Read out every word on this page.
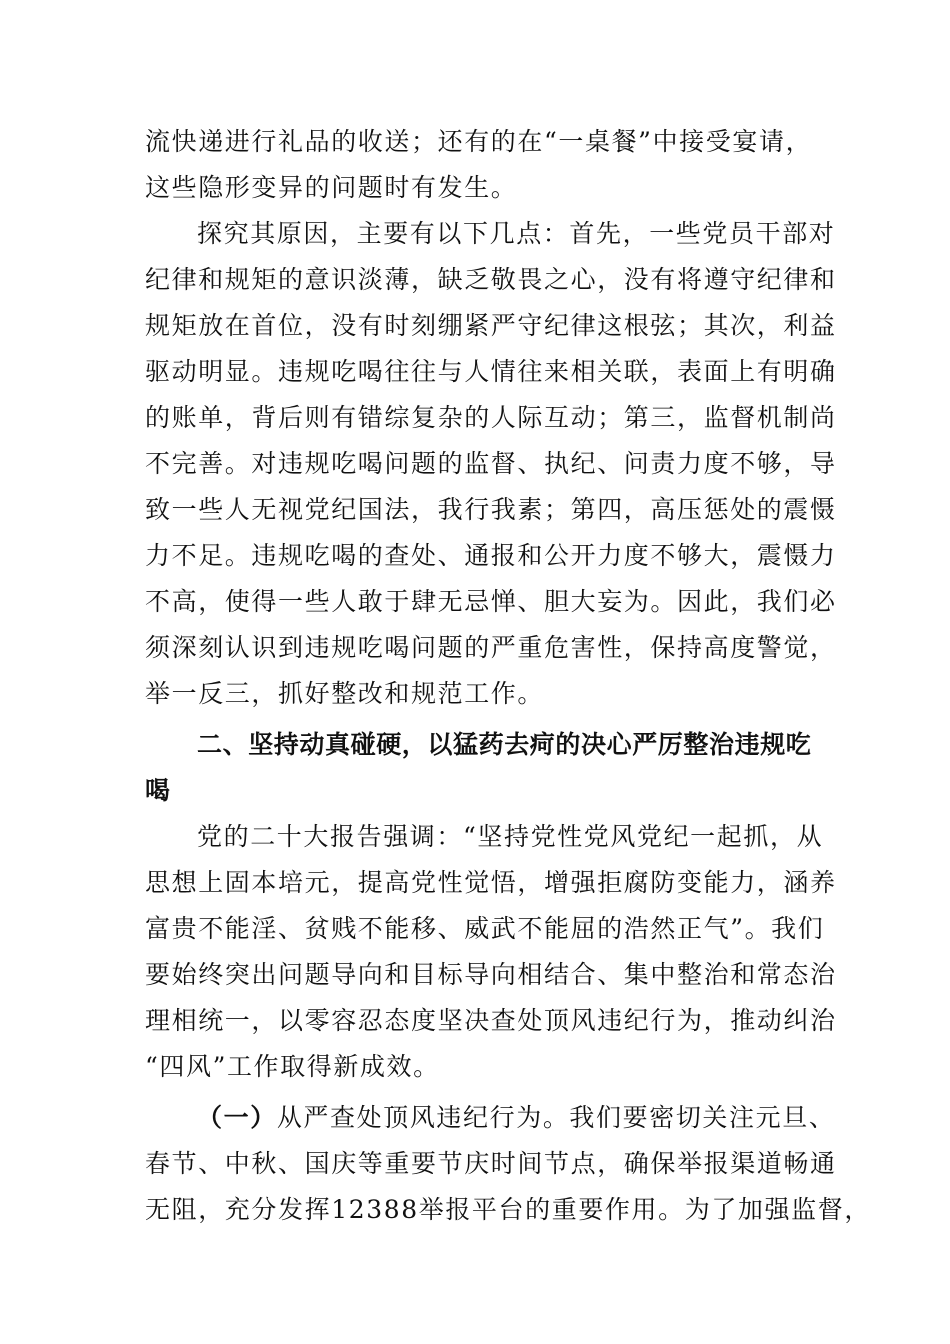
流快递进行礼品的收送；还有的在“一桌餐”中接受宴请，
这些隐形变异的问题时有发生。
探究其原因，主要有以下几点：首先，一些党员干部对
纪律和规矩的意识淡薄，缺乏敬畏之心，没有将遵守纪律和
规矩放在首位，没有时刻绷紧严守纪律这根弦；其次，利益
驱动明显。违规吃喝往往与人情往来相关联，表面上有明确
的账单，背后则有错综复杂的人际互动；第三，监督机制尚
不完善。对违规吃喝问题的监督、执纪、问责力度不够，导
致一些人无视党纪国法，我行我素；第四，高压惩处的震慑
力不足。违规吃喝的查处、通报和公开力度不够大，震慑力
不高，使得一些人敢于肆无忌惮、胆大妄为。因此，我们必
须深刻认识到违规吃喝问题的严重危害性，保持高度警觉，
举一反三，抓好整改和规范工作。
二、坚持动真碰硬，以猛药去疴的决心严厉整治违规吃
喝
党的二十大报告强调：“坚持党性党风党纪一起抓，从
思想上固本培元，提高党性觉悟，增强拒腐防变能力，涵养
富贵不能淫、贫贱不能移、威武不能屈的浩然正气”。我们
要始终突出问题导向和目标导向相结合、集中整治和常态治
理相统一，以零容忍态度坚决查处顶风违纪行为，推动纠治
“四风”工作取得新成效。
（一）从严查处顶风违纪行为。我们要密切关注元旦、
春节、中秋、国庆等重要节庆时间节点，确保举报渠道畅通
无阻，充分发挥12388举报平台的重要作用。为了加强监督，
